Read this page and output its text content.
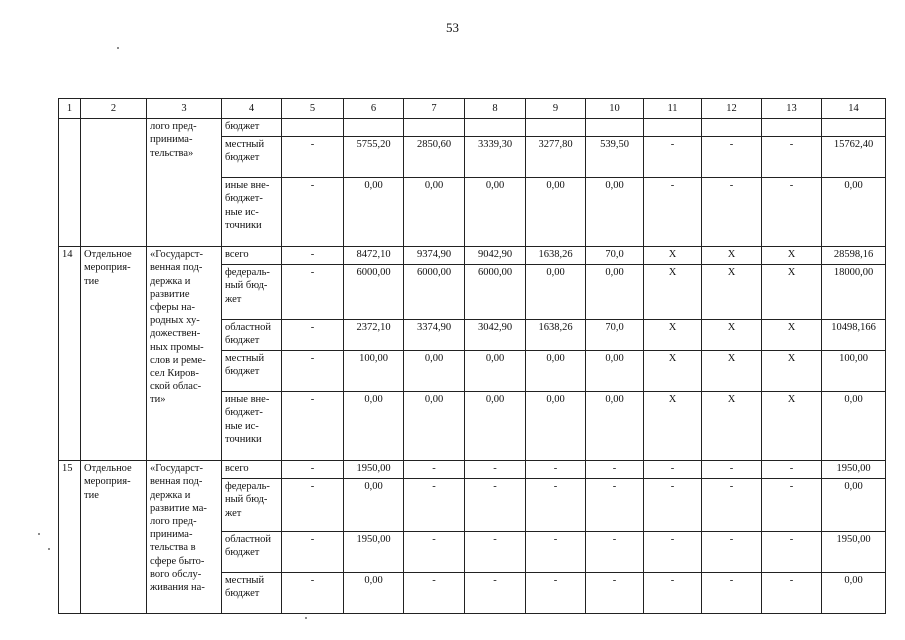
53
1	2	3	4	5	6	7	8	9	10	11	12	13	14
		лого пред- принима- тельства»	бюджет										
			местный бюджет	-	5755,20	2850,60	3339,30	3277,80	539,50	-	-	-	15762,40
			иные вне- бюджет- ные ис- точники	-	0,00	0,00	0,00	0,00	0,00	-	-	-	0,00
14	Отдельное мероприя- тие	«Государст- венная под- держка и развитие сферы на- родных ху- дожествен- ных промы- слов и реме- сел Киров- ской облас- ти»	всего	-	8472,10	9374,90	9042,90	1638,26	70,0	X	X	X	28598,16
			федераль- ный бюд- жет	-	6000,00	6000,00	6000,00	0,00	0,00	X	X	X	18000,00
			областной бюджет	-	2372,10	3374,90	3042,90	1638,26	70,0	X	X	X	10498,166
			местный бюджет	-	100,00	0,00	0,00	0,00	0,00	X	X	X	100,00
			иные вне- бюджет- ные ис- точники	-	0,00	0,00	0,00	0,00	0,00	X	X	X	0,00
15	Отдельное мероприя- тие	«Государст- венная под- держка и развитие ма- лого пред- принима- тельства в сфере быто- вого обслу- живания на-	всего	-	1950,00	-	-	-	-	-	-	-	1950,00
			федераль- ный бюд- жет	-	0,00	-	-	-	-	-	-	-	0,00
			областной бюджет	-	1950,00	-	-	-	-	-	-	-	1950,00
			местный бюджет	-	0,00	-	-	-	-	-	-	-	0,00
